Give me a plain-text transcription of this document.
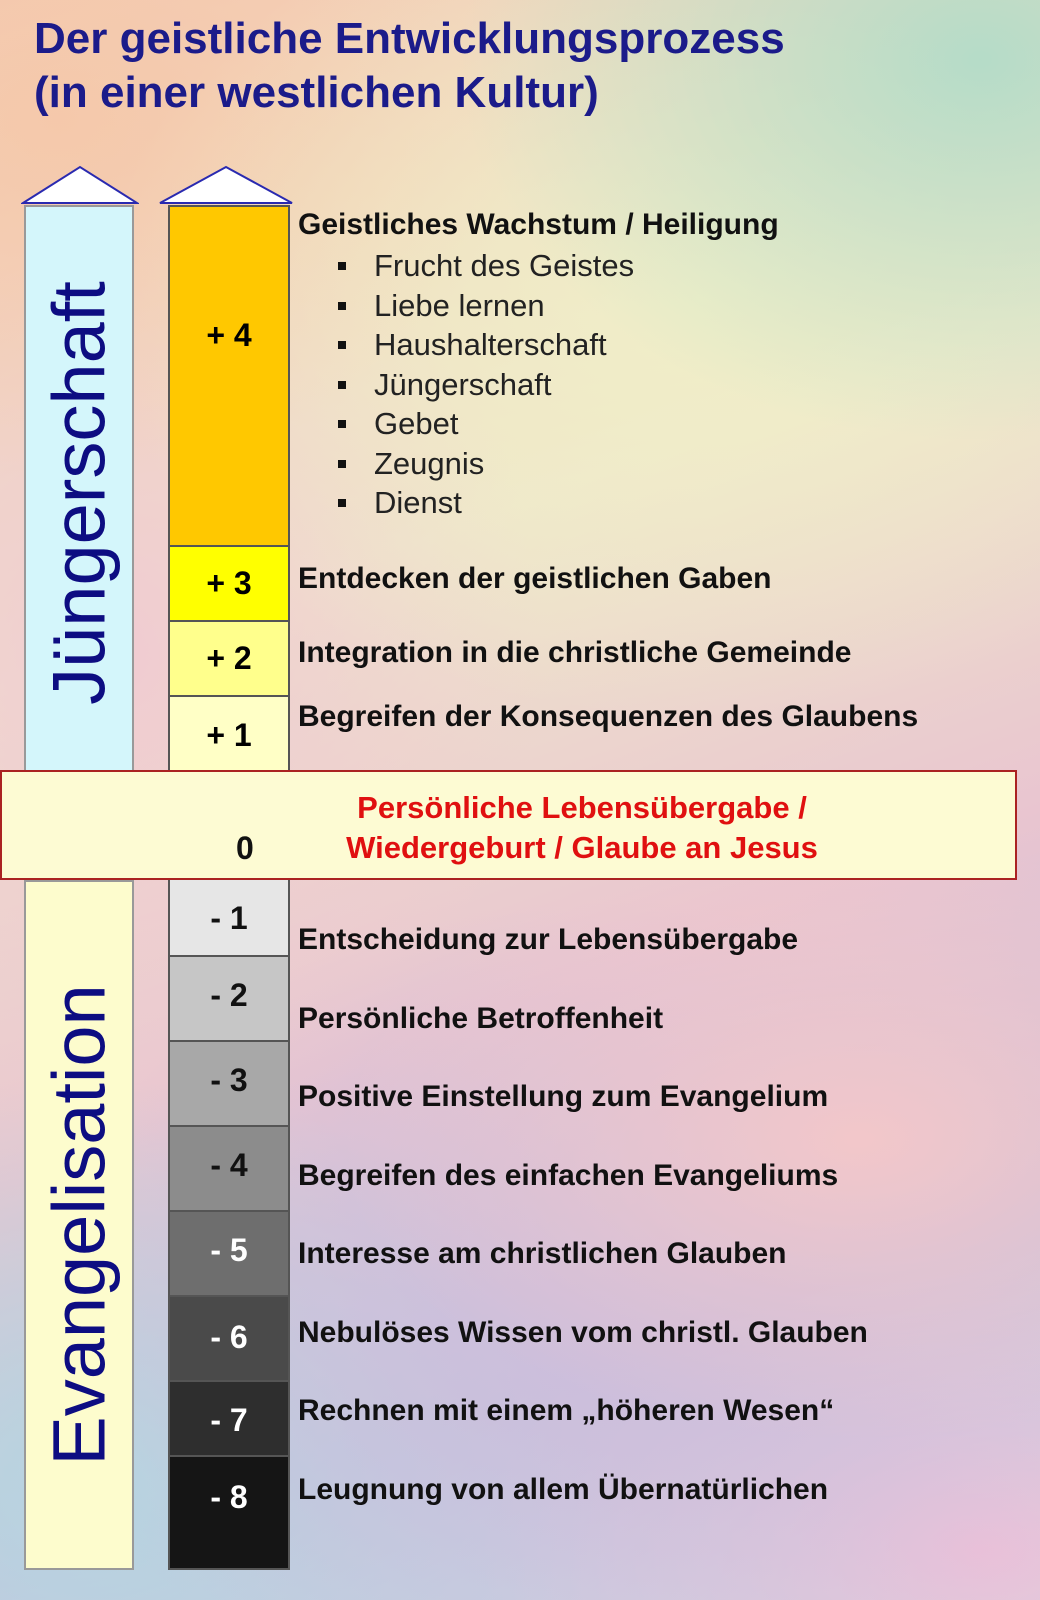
Der geistliche Entwicklungsprozess
(in einer westlichen Kultur)
Jüngerschaft
Evangelisation
+ 4
+ 3
+ 2
+ 1
- 1
- 2
- 3
- 4
- 5
- 6
- 7
- 8
Geistliches Wachstum / Heiligung
Frucht des Geistes
Liebe lernen
Haushalterschaft
Jüngerschaft
Gebet
Zeugnis
Dienst
Entdecken der geistlichen Gaben
Integration in die christliche Gemeinde
Begreifen der Konsequenzen des Glaubens
0
Persönliche Lebensübergabe /
Wiedergeburt / Glaube an Jesus
Entscheidung zur Lebensübergabe
Persönliche Betroffenheit
Positive Einstellung zum Evangelium
Begreifen des einfachen Evangeliums
Interesse am christlichen Glauben
Nebulöses Wissen vom christl. Glauben
Rechnen mit einem „höheren Wesen“
Leugnung von allem Übernatürlichen
